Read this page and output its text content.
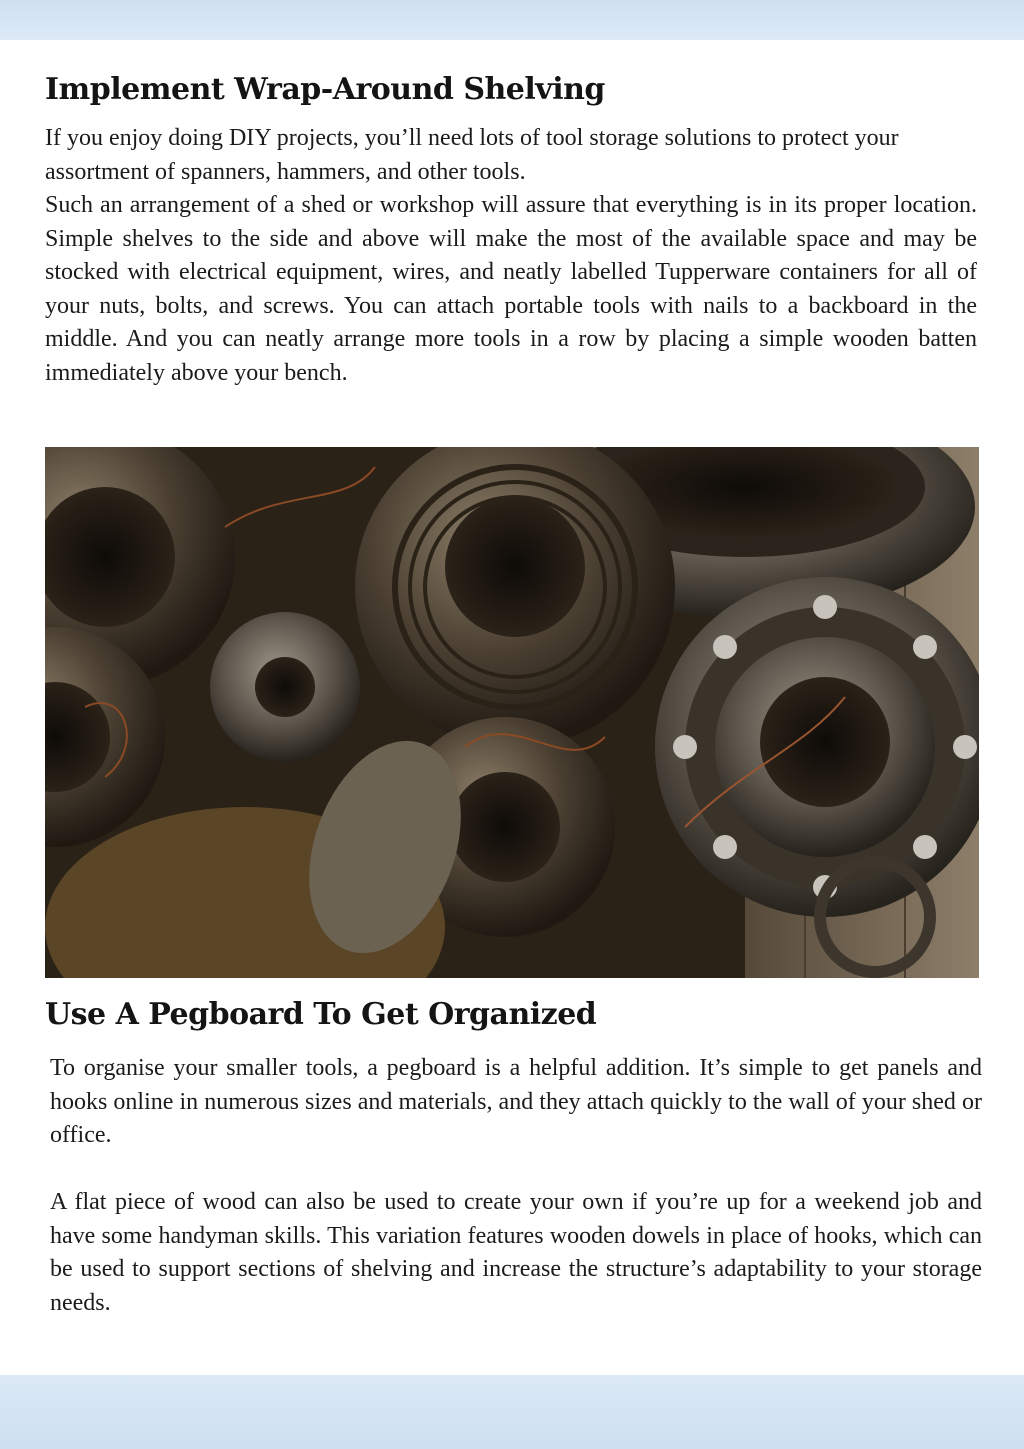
Implement Wrap-Around Shelving

If you enjoy doing DIY projects, you’ll need lots of tool storage solutions to protect your assortment of spanners, hammers, and other tools.

Such an arrangement of a shed or workshop will assure that everything is in its proper location. Simple shelves to the side and above will make the most of the available space and may be stocked with electrical equipment, wires, and neatly labelled Tupperware containers for all of your nuts, bolts, and screws. You can attach portable tools with nails to a backboard in the middle. And you can neatly arrange more tools in a row by placing a simple wooden batten immediately above your bench.

Use A Pegboard To Get Organized

To organise your smaller tools, a pegboard is a helpful addition. It’s simple to get panels and hooks online in numerous sizes and materials, and they attach quickly to the wall of your shed or office.

A flat piece of wood can also be used to create your own if you’re up for a weekend job and have some handyman skills. This variation features wooden dowels in place of hooks, which can be used to support sections of shelving and increase the structure’s adaptability to your storage needs.
